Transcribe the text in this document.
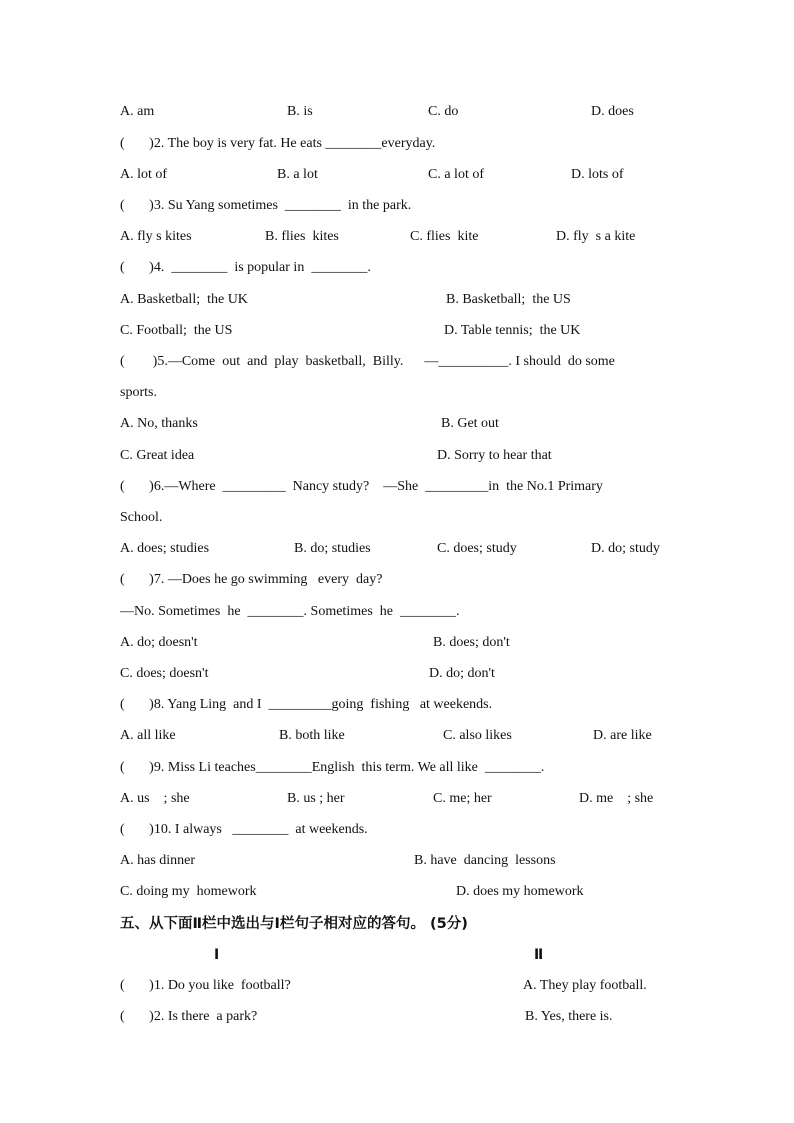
A. am	B. is	C. do	D. does
(       )2. The boy is very fat. He eats ________everyday.
A. lot of	B. a lot	C. a lot of	D. lots of
(       )3. Su Yang sometimes  ________  in the park.
A. fly s kites	B. flies  kites	C. flies  kite	D. fly  s a kite
(       )4.  ________  is popular in  ________.
A. Basketball;  the UK	B. Basketball;  the US
C. Football;  the US	D. Table tennis;  the UK
(        )5.—Come  out  and  play  basketball,  Billy.      —__________. I should  do some
sports.
A. No, thanks	B. Get out
C. Great idea	D. Sorry to hear that
(       )6.—Where  _________  Nancy study?    —She  _________in  the No.1 Primary
School.
A. does; studies	B. do; studies	C. does; study	D. do; study
(       )7. —Does he go swimming   every  day?
—No. Sometimes  he  ________. Sometimes  he  ________.
A. do; doesn't	B. does; don't
C. does; doesn't	D. do; don't
(       )8. Yang Ling  and I  _________going  fishing   at weekends.
A. all like	B. both like	C. also likes	D. are like
(       )9. Miss Li teaches________English  this term. We all like  ________.
A. us    ; she	B. us ; her	C. me; her	D. me    ; she
(       )10. I always   ________  at weekends.
A. has dinner	B. have  dancing  lessons
C. doing my  homework	D. does my homework
五、从下面Ⅱ栏中选出与Ⅰ栏句子相对应的答句。 (5分)
Ⅰ	Ⅱ
(       )1. Do you like  football?	A. They play football.
(       )2. Is there  a park?	B. Yes, there is.
